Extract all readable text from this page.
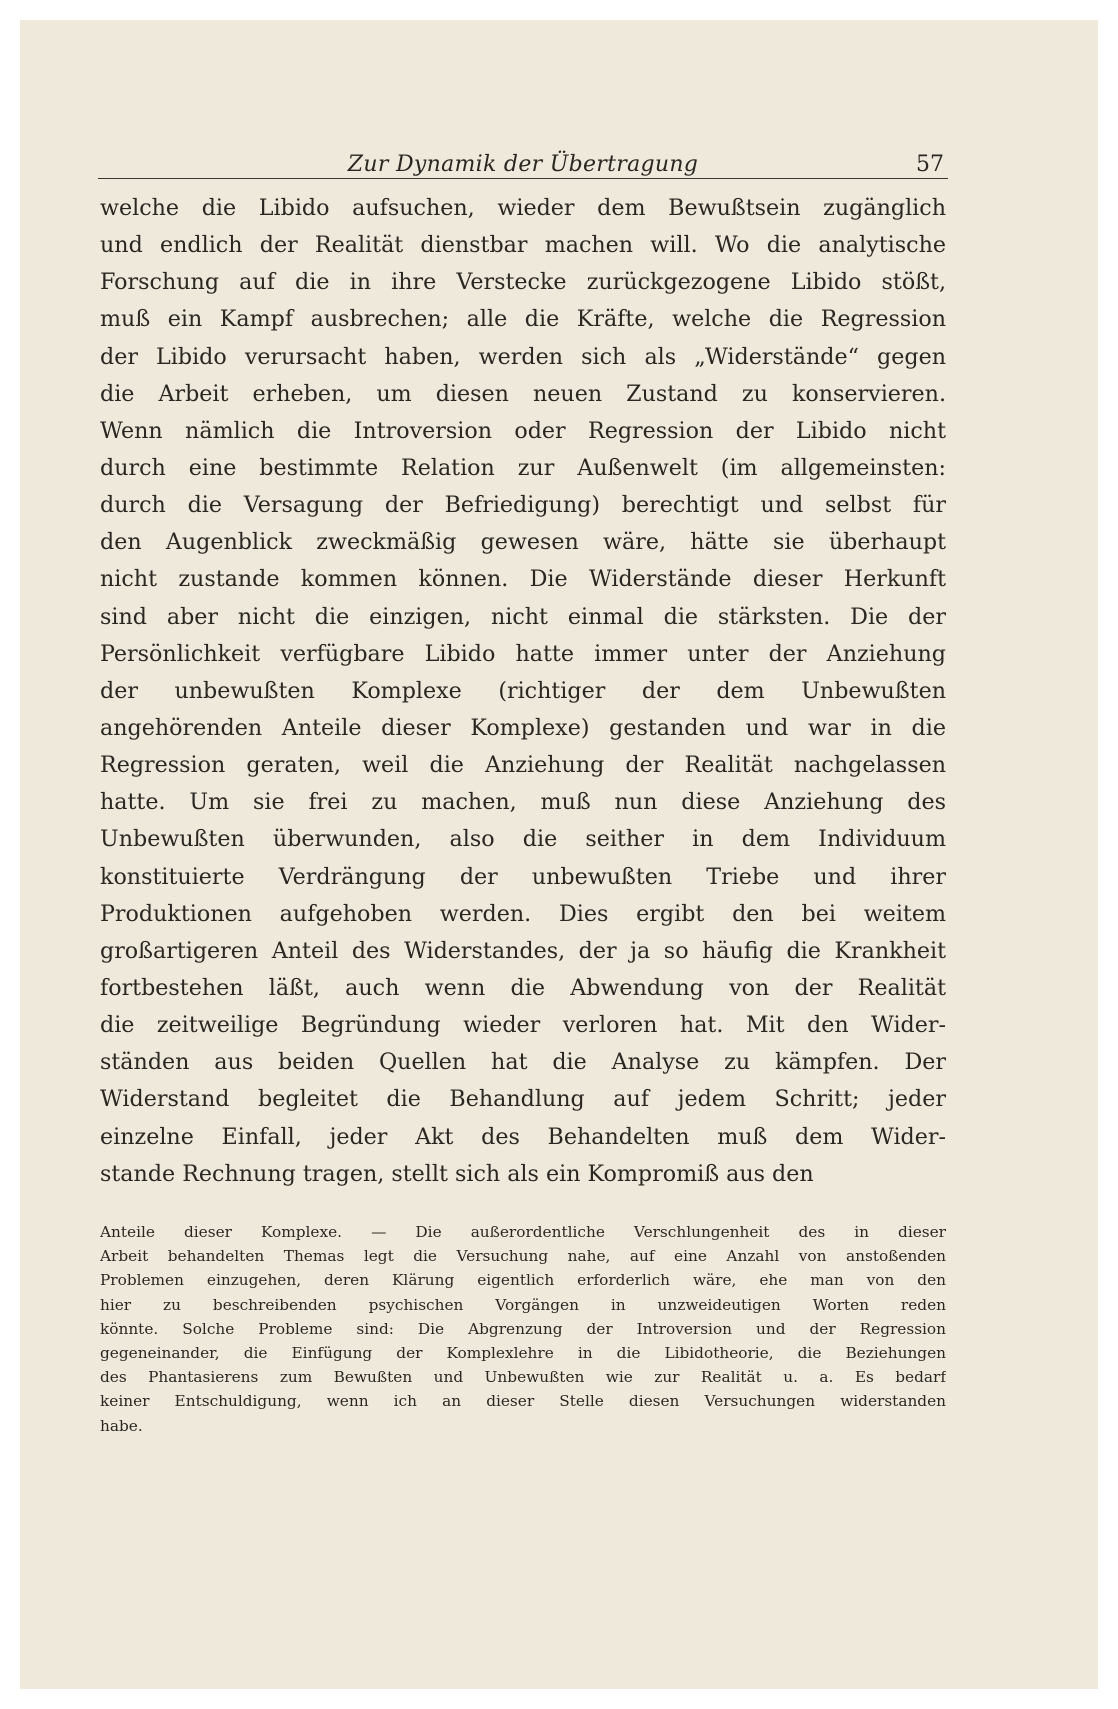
Zur Dynamik der Übertragung	57
welche die Libido aufsuchen, wieder dem Bewußtsein zugänglich
und endlich der Realität dienstbar machen will. Wo die analytische
Forschung auf die in ihre Verstecke zurückgezogene Libido stößt,
muß ein Kampf ausbrechen; alle die Kräfte, welche die Regression
der Libido verursacht haben, werden sich als „Widerstände“ gegen
die Arbeit erheben, um diesen neuen Zustand zu konservieren.
Wenn nämlich die Introversion oder Regression der Libido nicht
durch eine bestimmte Relation zur Außenwelt (im allgemeinsten:
durch die Versagung der Befriedigung) berechtigt und selbst für
den Augenblick zweckmäßig gewesen wäre, hätte sie überhaupt
nicht zustande kommen können. Die Widerstände dieser Herkunft
sind aber nicht die einzigen, nicht einmal die stärksten. Die der
Persönlichkeit verfügbare Libido hatte immer unter der Anziehung
der unbewußten Komplexe (richtiger der dem Unbewußten
angehörenden Anteile dieser Komplexe) gestanden und war in die
Regression geraten, weil die Anziehung der Realität nachgelassen
hatte. Um sie frei zu machen, muß nun diese Anziehung des
Unbewußten überwunden, also die seither in dem Individuum
konstituierte Verdrängung der unbewußten Triebe und ihrer
Produktionen aufgehoben werden. Dies ergibt den bei weitem
großartigeren Anteil des Widerstandes, der ja so häufig die Krankheit
fortbestehen läßt, auch wenn die Abwendung von der Realität
die zeitweilige Begründung wieder verloren hat. Mit den Wider-
ständen aus beiden Quellen hat die Analyse zu kämpfen. Der
Widerstand begleitet die Behandlung auf jedem Schritt; jeder
einzelne Einfall, jeder Akt des Behandelten muß dem Wider-
stande Rechnung tragen, stellt sich als ein Kompromiß aus den
Anteile dieser Komplexe. — Die außerordentliche Verschlungenheit des in dieser
Arbeit behandelten Themas legt die Versuchung nahe, auf eine Anzahl von anstoßenden
Problemen einzugehen, deren Klärung eigentlich erforderlich wäre, ehe man von den
hier zu beschreibenden psychischen Vorgängen in unzweideutigen Worten reden
könnte. Solche Probleme sind: Die Abgrenzung der Introversion und der Regression
gegeneinander, die Einfügung der Komplexlehre in die Libidotheorie, die Beziehungen
des Phantasierens zum Bewußten und Unbewußten wie zur Realität u. a. Es bedarf
keiner Entschuldigung, wenn ich an dieser Stelle diesen Versuchungen widerstanden
habe.
